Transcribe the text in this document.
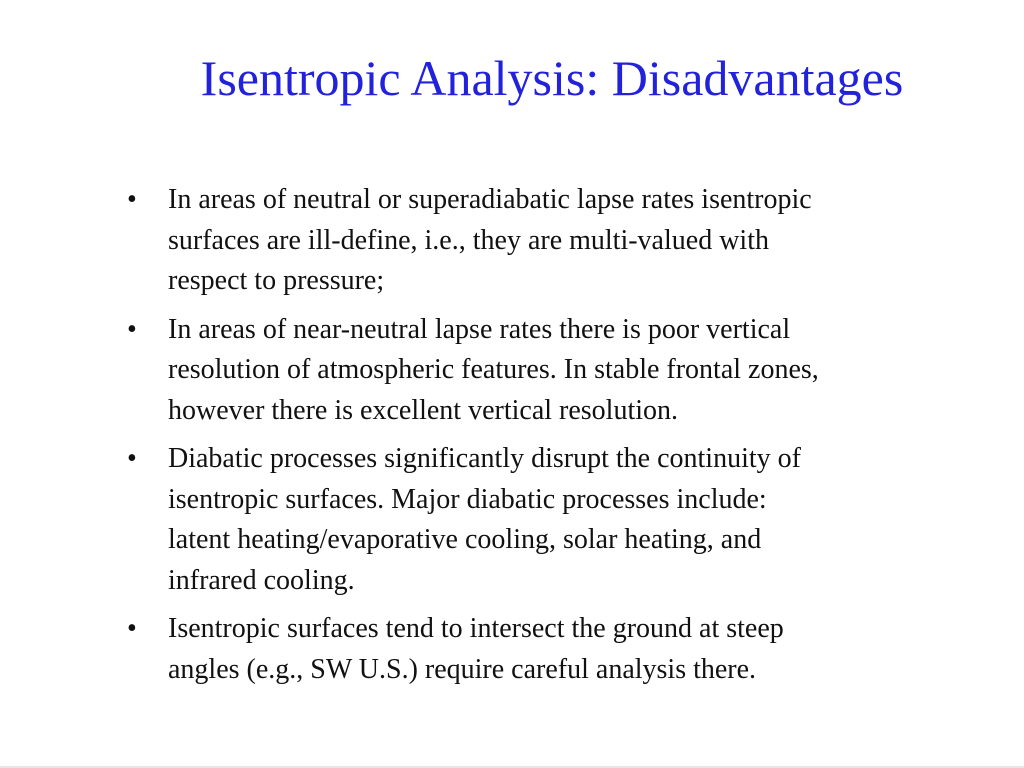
Isentropic Analysis: Disadvantages
• In areas of neutral or superadiabatic lapse rates isentropic
surfaces are ill-define, i.e., they are multi-valued with
respect to pressure;
• In areas of near-neutral lapse rates there is poor vertical
resolution of atmospheric features. In stable frontal zones,
however there is excellent vertical resolution.
• Diabatic processes significantly disrupt the continuity of
isentropic surfaces. Major diabatic processes include:
latent heating/evaporative cooling, solar heating, and
infrared cooling.
• Isentropic surfaces tend to intersect the ground at steep
angles (e.g., SW U.S.) require careful analysis there.
